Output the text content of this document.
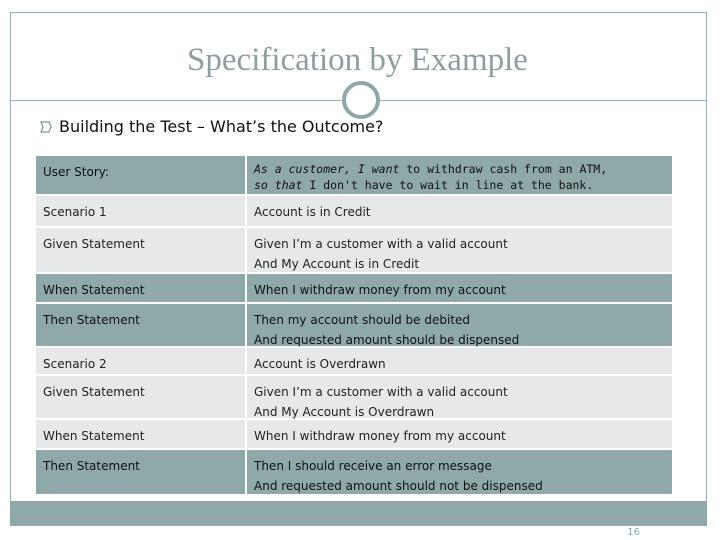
Specification by Example
Building the Test – What’s the Outcome?
User Story:	As a customer, I want to withdraw cash from an ATM,
so that I don't have to wait in line at the bank.
Scenario 1	Account is in Credit
Given Statement	Given I’m a customer with a valid account
And My Account is in Credit
When Statement	When I withdraw money from my account
Then Statement	Then my account should be debited
And requested amount should be dispensed
Scenario 2	Account is Overdrawn
Given Statement	Given I’m a customer with a valid account
And My Account is Overdrawn
When Statement	When I withdraw money from my account
Then Statement	Then I should receive an error message
And requested amount should not be dispensed
16
